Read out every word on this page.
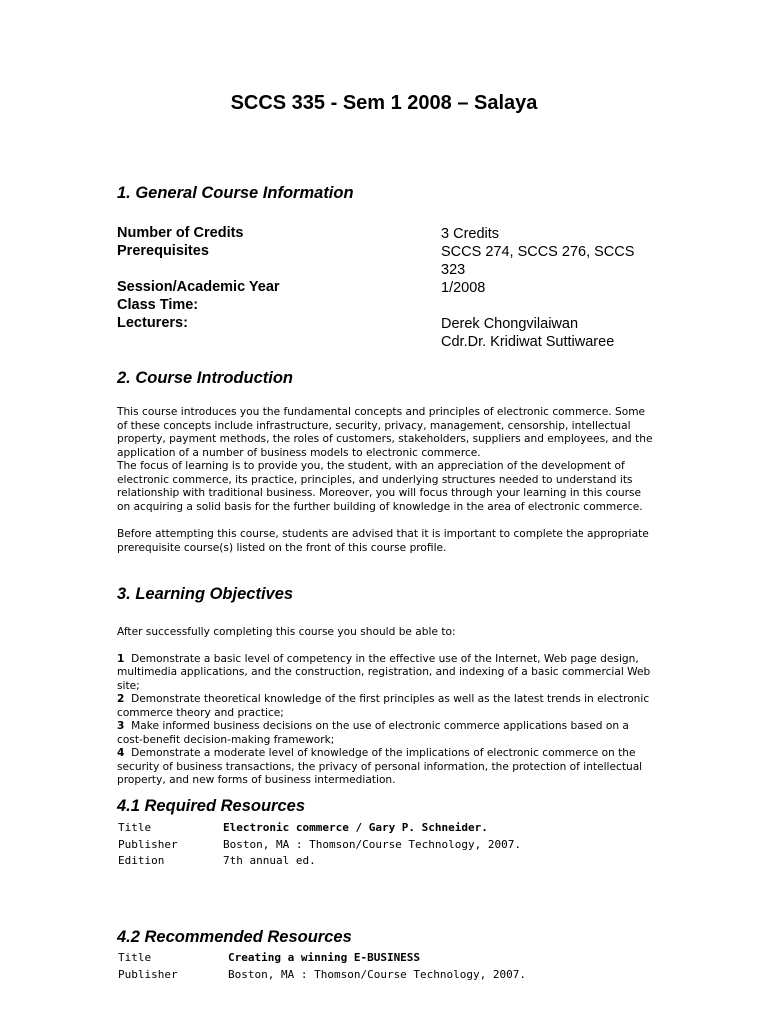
SCCS 335 - Sem 1 2008 – Salaya
1. General Course Information
Number of Credits	3 Credits
Prerequisites	SCCS 274, SCCS 276, SCCS
323
Session/Academic Year	1/2008
Class Time:
Lecturers:	Derek Chongvilaiwan
Cdr.Dr. Kridiwat Suttiwaree
2. Course Introduction

This course introduces you the fundamental concepts and principles of electronic commerce. Some of these concepts include infrastructure, security, privacy, management, censorship, intellectual property, payment methods, the roles of customers, stakeholders, suppliers and employees, and the application of a number of business models to electronic commerce.

The focus of learning is to provide you, the student, with an appreciation of the development of electronic commerce, its practice, principles, and underlying structures needed to understand its relationship with traditional business. Moreover, you will focus through your learning in this course on acquiring a solid basis for the further building of knowledge in the area of electronic commerce.

Before attempting this course, students are advised that it is important to complete the appropriate prerequisite course(s) listed on the front of this course profile.

3. Learning Objectives

After successfully completing this course you should be able to:

1 Demonstrate a basic level of competency in the effective use of the Internet, Web page design, multimedia applications, and the construction, registration, and indexing of a basic commercial Web site;

2 Demonstrate theoretical knowledge of the first principles as well as the latest trends in electronic commerce theory and practice;

3 Make informed business decisions on the use of electronic commerce applications based on a cost-benefit decision-making framework;

4 Demonstrate a moderate level of knowledge of the implications of electronic commerce on the security of business transactions, the privacy of personal information, the protection of intellectual property, and new forms of business intermediation.

4.1 Required Resources
Title	Electronic commerce / Gary P. Schneider.
Publisher	Boston, MA : Thomson/Course Technology, 2007.
Edition	7th annual ed.
4.2 Recommended Resources
Title	Creating a winning E-BUSINESS
Publisher	Boston, MA : Thomson/Course Technology, 2007.
